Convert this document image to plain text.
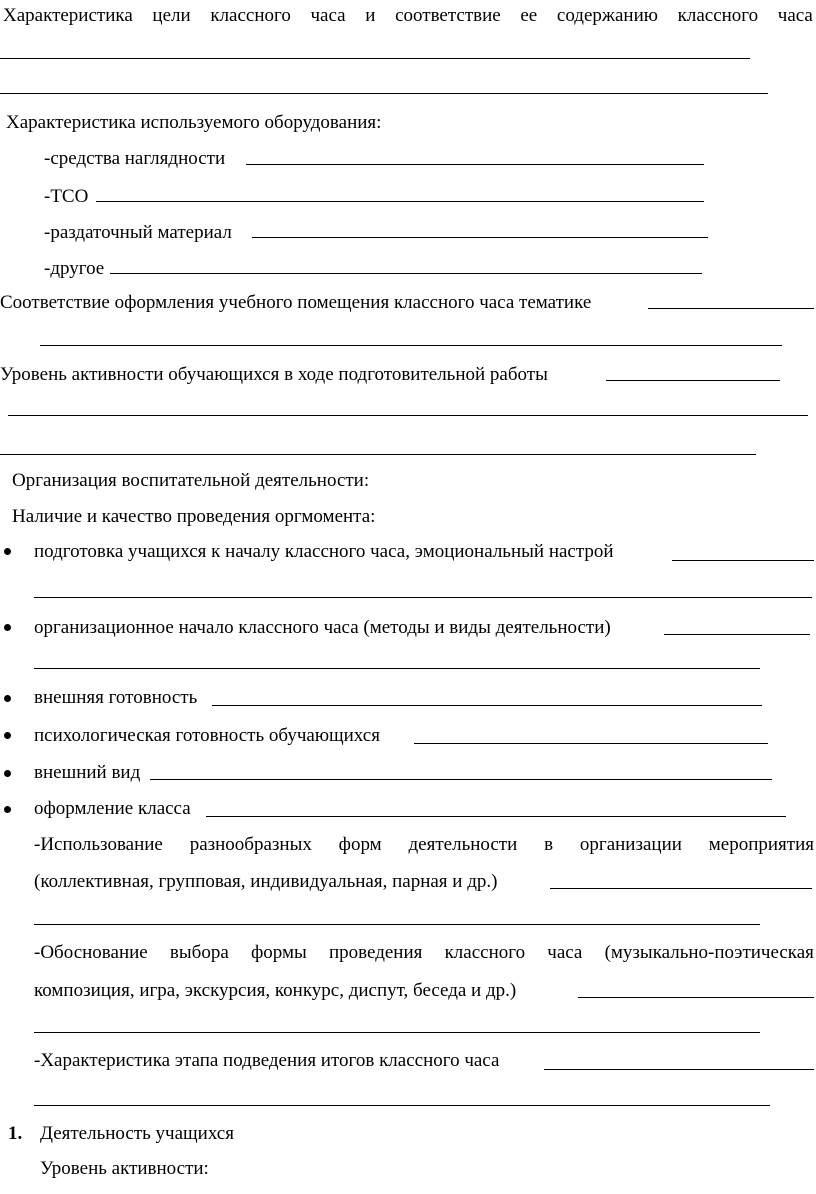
Характеристика цели классного часа и соответствие ее содержанию классного часа
Характеристика используемого оборудования:
-средства наглядности
-ТСО
-раздаточный материал
-другое
Соответствие оформления учебного помещения классного часа тематике
Уровень активности обучающихся в ходе подготовительной работы
Организация воспитательной деятельности:
Наличие и качество проведения оргмомента:
подготовка учащихся к началу классного часа, эмоциональный настрой
организационное начало классного часа (методы и виды деятельности)
внешняя готовность
психологическая готовность обучающихся
внешний вид
оформление класса
-Использование разнообразных форм деятельности в организации мероприятия
(коллективная, групповая, индивидуальная, парная и др.)
-Обоснование выбора формы проведения классного часа (музыкально-поэтическая
композиция, игра, экскурсия, конкурс, диспут, беседа и др.)
-Характеристика этапа подведения итогов классного часа
1. Деятельность учащихся
Уровень активности:
